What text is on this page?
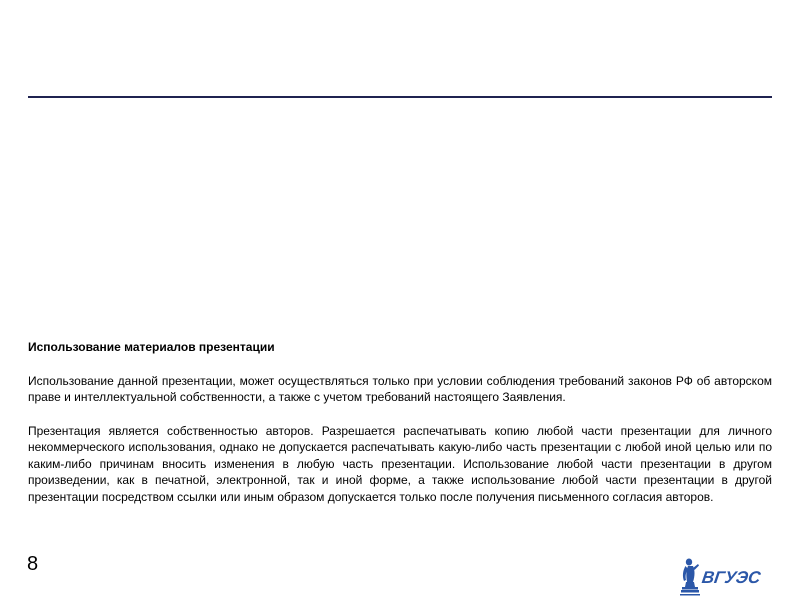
Использование материалов презентации

Использование данной презентации, может осуществляться только при условии соблюдения требований законов РФ об авторском праве и интеллектуальной собственности, а также с учетом требований настоящего Заявления.

Презентация является собственностью авторов. Разрешается распечатывать копию любой части презентации для личного некоммерческого использования, однако не допускается распечатывать какую-либо часть презентации с любой иной целью или по каким-либо причинам вносить изменения в любую часть презентации. Использование любой части презентации в другом произведении, как в печатной, электронной, так и иной форме, а также использование любой части презентации в другой презентации посредством ссылки или иным образом допускается только после получения письменного согласия авторов.

8
ВГУЭС
